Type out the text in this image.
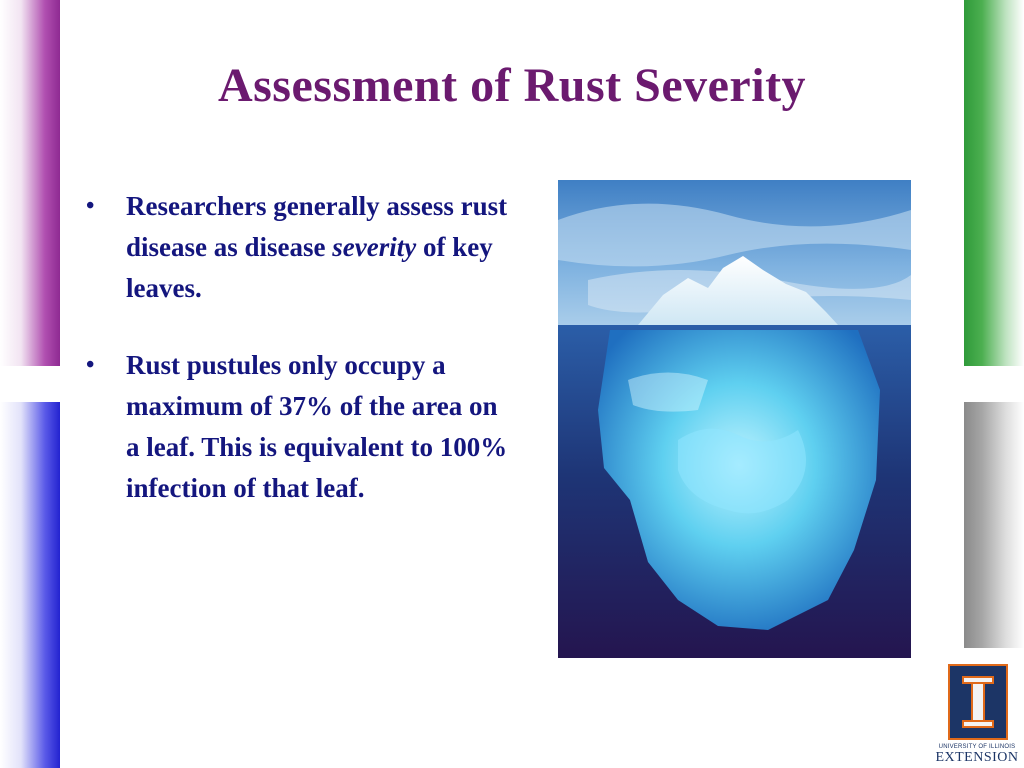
Assessment of Rust Severity
• Researchers generally assess rust disease as disease severity of key leaves.
• Rust pustules only occupy a maximum of 37% of the area on a leaf. This is equivalent to 100% infection of that leaf.
UNIVERSITY OF ILLINOIS
EXTENSION
